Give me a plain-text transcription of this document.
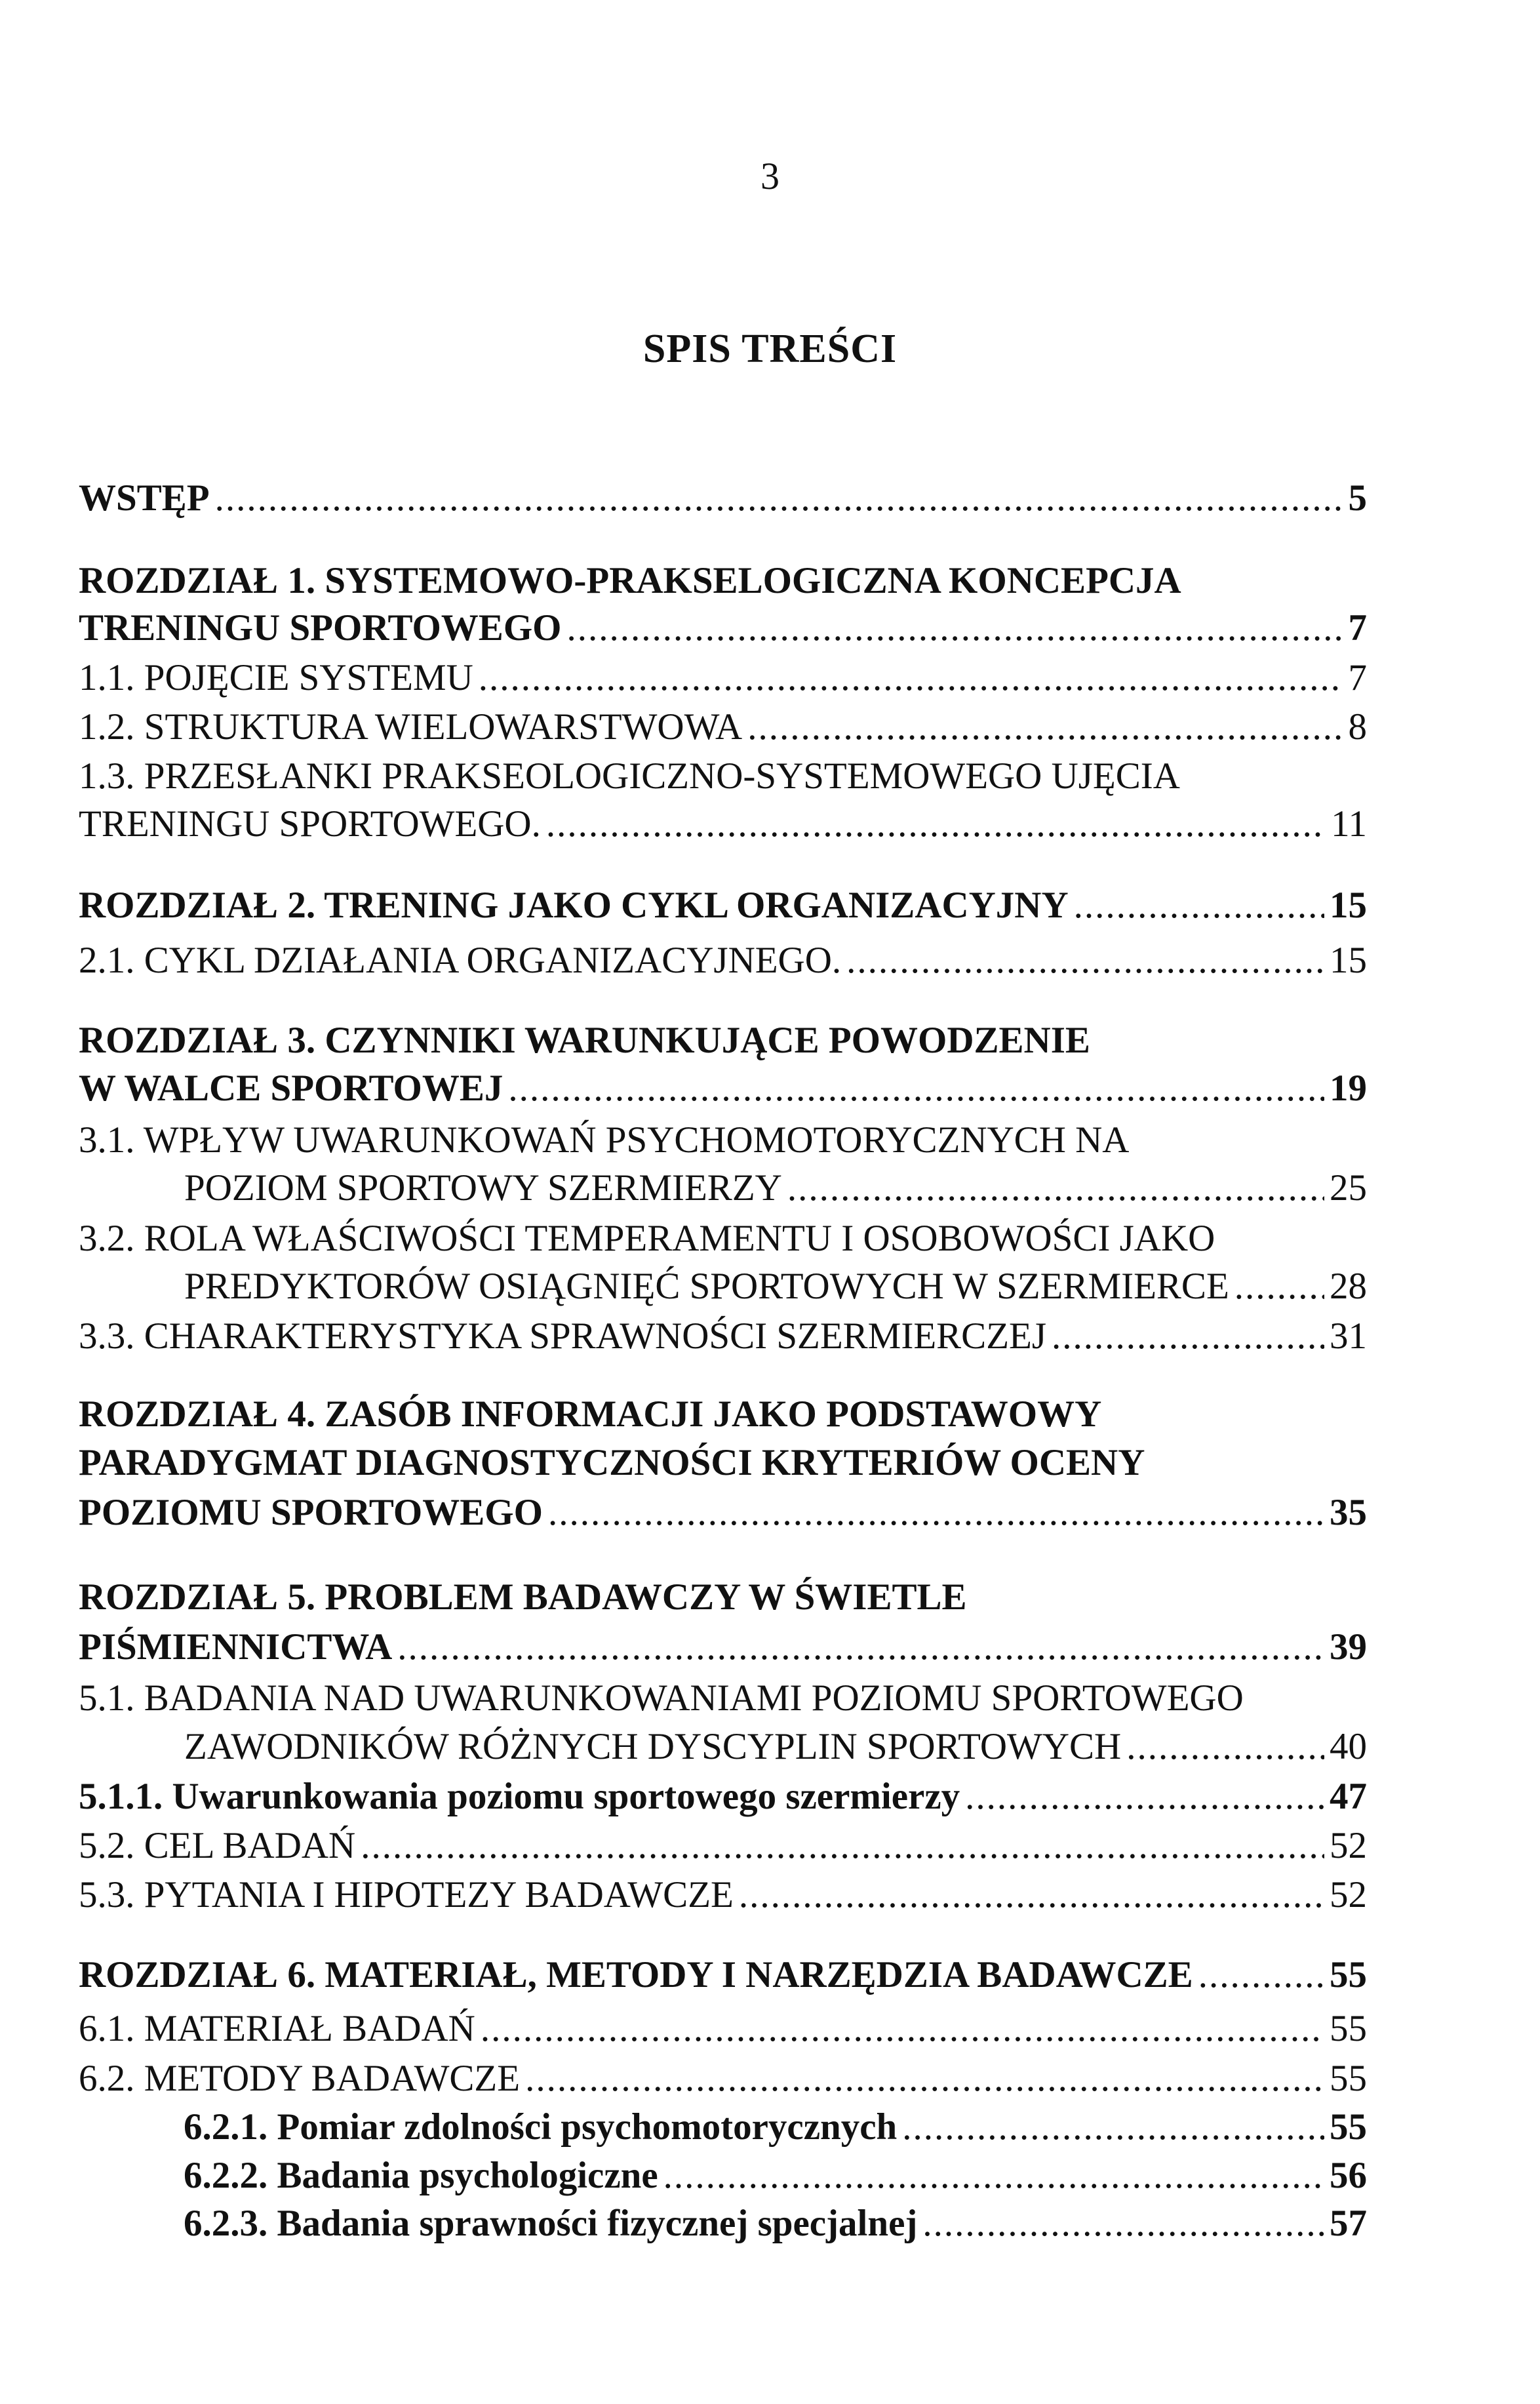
3
SPIS TREŚCI
WSTĘP .....	5
ROZDZIAŁ 1. SYSTEMOWO-PRAKSELOGICZNA KONCEPCJA
TRENINGU SPORTOWEGO .....	7
1.1. POJĘCIE SYSTEMU .....	7
1.2. STRUKTURA WIELOWARSTWOWA .....	8
1.3. PRZESŁANKI PRAKSEOLOGICZNO-SYSTEMOWEGO UJĘCIA
TRENINGU SPORTOWEGO. .....	11
ROZDZIAŁ 2. TRENING JAKO CYKL ORGANIZACYJNY .....	15
2.1. CYKL DZIAŁANIA ORGANIZACYJNEGO. .....	15
ROZDZIAŁ 3. CZYNNIKI WARUNKUJĄCE POWODZENIE
W WALCE SPORTOWEJ .....	19
3.1. WPŁYW UWARUNKOWAŃ PSYCHOMOTORYCZNYCH NA
POZIOM SPORTOWY SZERMIERZY .....	25
3.2. ROLA WŁAŚCIWOŚCI TEMPERAMENTU I OSOBOWOŚCI JAKO
PREDYKTORÓW OSIĄGNIĘĆ SPORTOWYCH W SZERMIERCE .....	28
3.3. CHARAKTERYSTYKA SPRAWNOŚCI SZERMIERCZEJ .....	31
ROZDZIAŁ 4. ZASÓB INFORMACJI JAKO PODSTAWOWY
PARADYGMAT DIAGNOSTYCZNOŚCI KRYTERIÓW OCENY
POZIOMU SPORTOWEGO .....	35
ROZDZIAŁ 5. PROBLEM BADAWCZY W ŚWIETLE
PIŚMIENNICTWA .....	39
5.1. BADANIA NAD UWARUNKOWANIAMI POZIOMU SPORTOWEGO
ZAWODNIKÓW RÓŻNYCH DYSCYPLIN SPORTOWYCH .....	40
5.1.1. Uwarunkowania poziomu sportowego szermierzy .....	47
5.2. CEL BADAŃ .....	52
5.3. PYTANIA I HIPOTEZY BADAWCZE .....	52
ROZDZIAŁ 6. MATERIAŁ, METODY I NARZĘDZIA BADAWCZE .....	55
6.1. MATERIAŁ BADAŃ .....	55
6.2. METODY BADAWCZE .....	55
6.2.1. Pomiar zdolności psychomotorycznych .....	55
6.2.2. Badania psychologiczne .....	56
6.2.3. Badania sprawności fizycznej specjalnej .....	57
